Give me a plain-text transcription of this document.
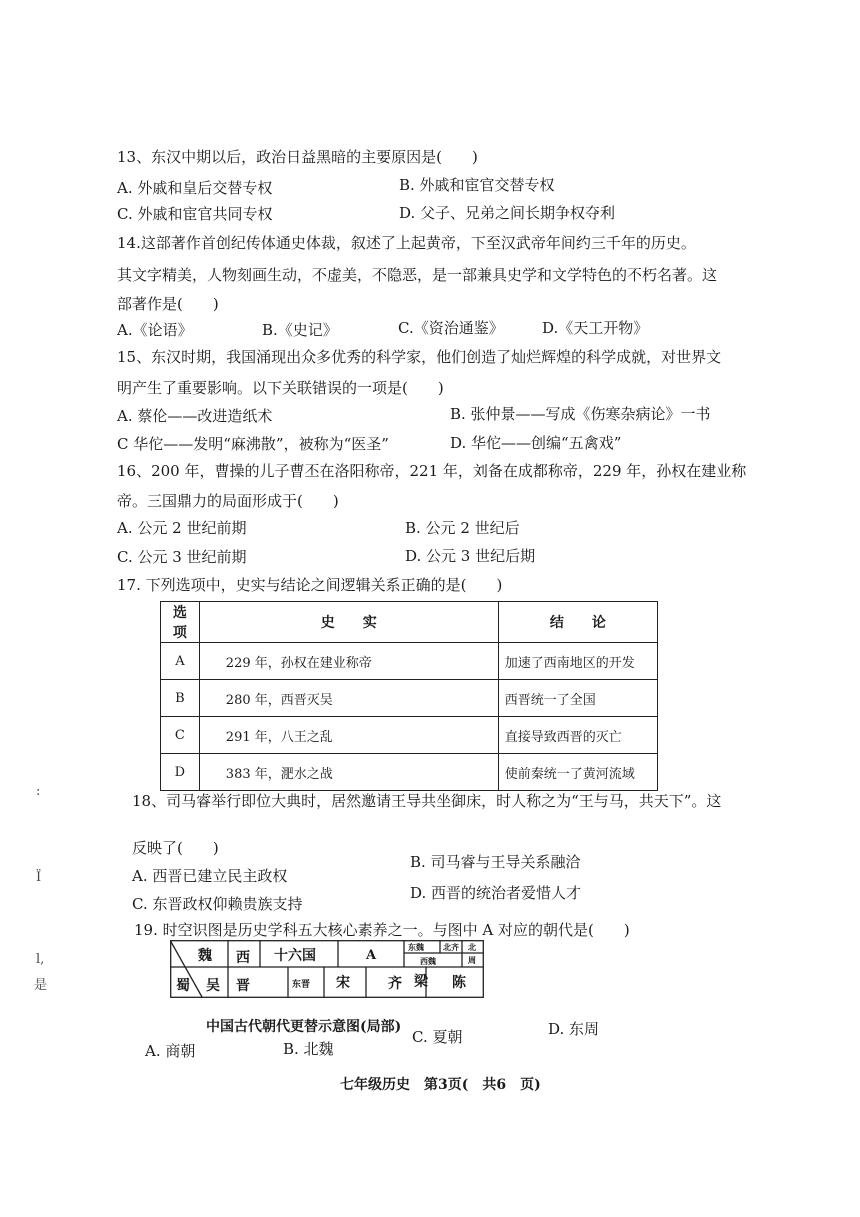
13、东汉中期以后，政治日益黑暗的主要原因是(　　)
A. 外戚和皇后交替专权	B. 外戚和宦官交替专权
C. 外戚和宦官共同专权	D. 父子、兄弟之间长期争权夺利
14.这部著作首创纪传体通史体裁，叙述了上起黄帝，下至汉武帝年间约三千年的历史。
其文字精美，人物刻画生动，不虚美，不隐恶，是一部兼具史学和文学特色的不朽名著。这
部著作是(　　)
A.《论语》	B.《史记》	C.《资治通鉴》	D.《天工开物》
15、东汉时期，我国涌现出众多优秀的科学家，他们创造了灿烂辉煌的科学成就，对世界文
明产生了重要影响。以下关联错误的一项是(　　)
A. 蔡伦——改进造纸术	B. 张仲景——写成《伤寒杂病论》一书
C 华佗——发明“麻沸散”，被称为“医圣”	D. 华佗——创编“五禽戏”
16、200 年，曹操的儿子曹丕在洛阳称帝，221 年，刘备在成都称帝，229 年，孙权在建业称
帝。三国鼎力的局面形成于(　　)
A. 公元 2 世纪前期	B. 公元 2 世纪后
C. 公元 3 世纪前期	D. 公元 3 世纪后期
17. 下列选项中，史实与结论之间逻辑关系正确的是(　　)
选项	史　　实	结　　论
A	229 年，孙权在建业称帝	加速了西南地区的开发
B	280 年，西晋灭吴	西晋统一了全国
C	291 年，八王之乱	直接导致西晋的灭亡
D	383 年，淝水之战	使前秦统一了黄河流域
18、司马睿举行即位大典时，居然邀请王导共坐御床，时人称之为“王与马，共天下”。这
反映了(　　)
A. 西晋已建立民主政权
B. 司马睿与王导关系融洽
C. 东晋政权仰赖贵族支持
D. 西晋的统治者爱惜人才
19. 时空识图是历史学科五大核心素养之一。与图中 A 对应的朝代是(　　)
魏 西 十六国	A
东魏 北齐 北
周
西魏
蜀 吴 晋	东晋 宋	齐 梁 陈
中国古代朝代更替示意图(局部)
A. 商朝	B. 北魏
C. 夏朝	D. 东周
:
Ï
l,
是
七年级历史　第3页(　共6　页)
